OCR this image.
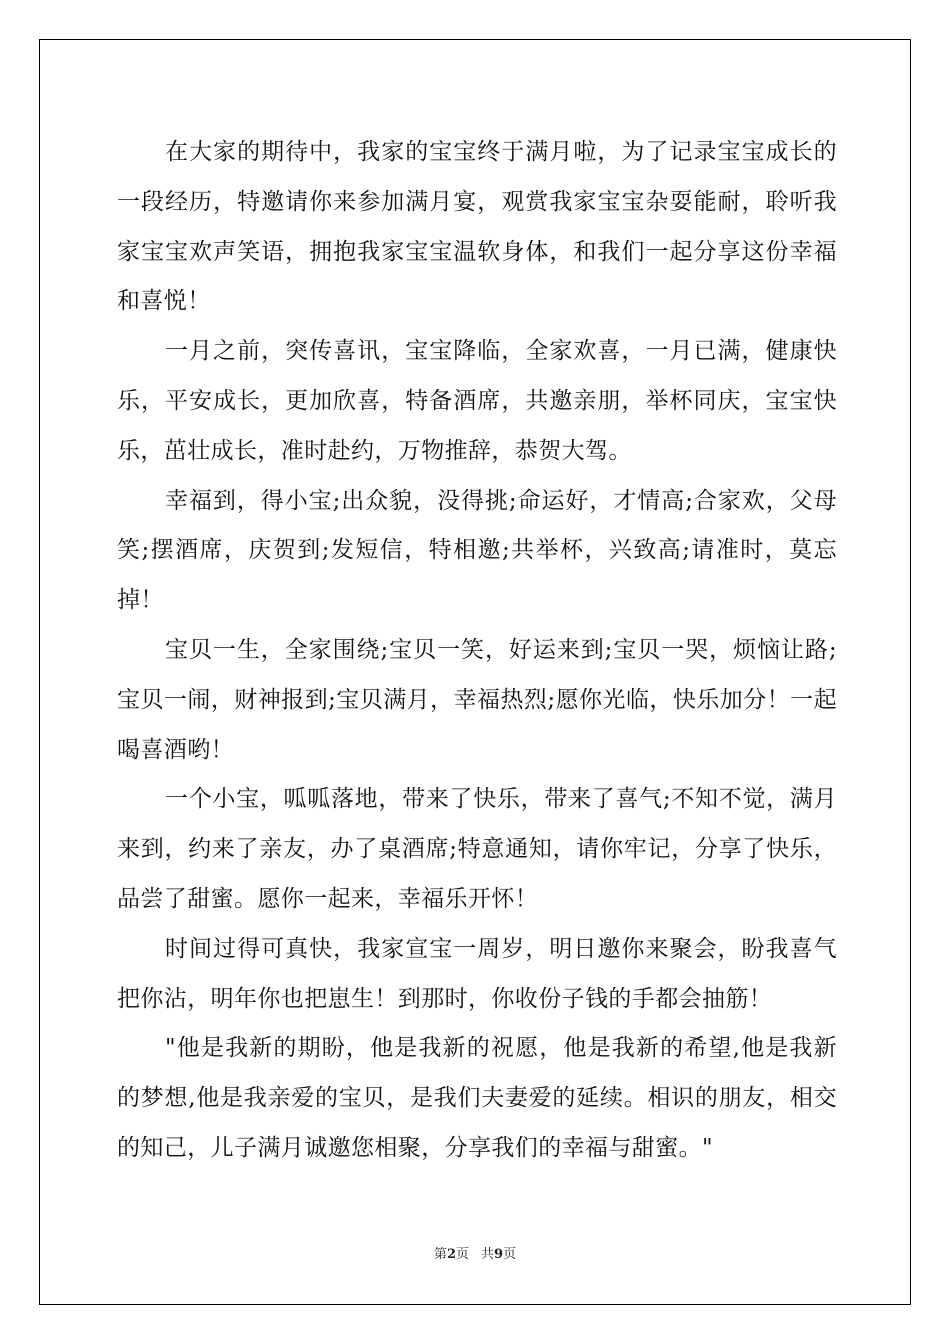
在大家的期待中，我家的宝宝终于满月啦，为了记录宝宝成长的一段经历，特邀请你来参加满月宴，观赏我家宝宝杂耍能耐，聆听我家宝宝欢声笑语，拥抱我家宝宝温软身体，和我们一起分享这份幸福和喜悦！

一月之前，突传喜讯，宝宝降临，全家欢喜，一月已满，健康快乐，平安成长，更加欣喜，特备酒席，共邀亲朋，举杯同庆，宝宝快乐，茁壮成长，准时赴约，万物推辞，恭贺大驾。

幸福到，得小宝;出众貌，没得挑;命运好，才情高;合家欢，父母笑;摆酒席，庆贺到;发短信，特相邀;共举杯，兴致高;请准时，莫忘掉！

宝贝一生，全家围绕;宝贝一笑，好运来到;宝贝一哭，烦恼让路;宝贝一闹，财神报到;宝贝满月，幸福热烈;愿你光临，快乐加分！一起喝喜酒哟！

一个小宝，呱呱落地，带来了快乐，带来了喜气;不知不觉，满月来到，约来了亲友，办了桌酒席;特意通知，请你牢记，分享了快乐，品尝了甜蜜。愿你一起来，幸福乐开怀！

时间过得可真快，我家宣宝一周岁，明日邀你来聚会，盼我喜气把你沾，明年你也把崽生！到那时，你收份子钱的手都会抽筋！

"他是我新的期盼，他是我新的祝愿，他是我新的希望,他是我新的梦想,他是我亲爱的宝贝，是我们夫妻爱的延续。相识的朋友，相交的知己，儿子满月诚邀您相聚，分享我们的幸福与甜蜜。"

第2页 共9页
